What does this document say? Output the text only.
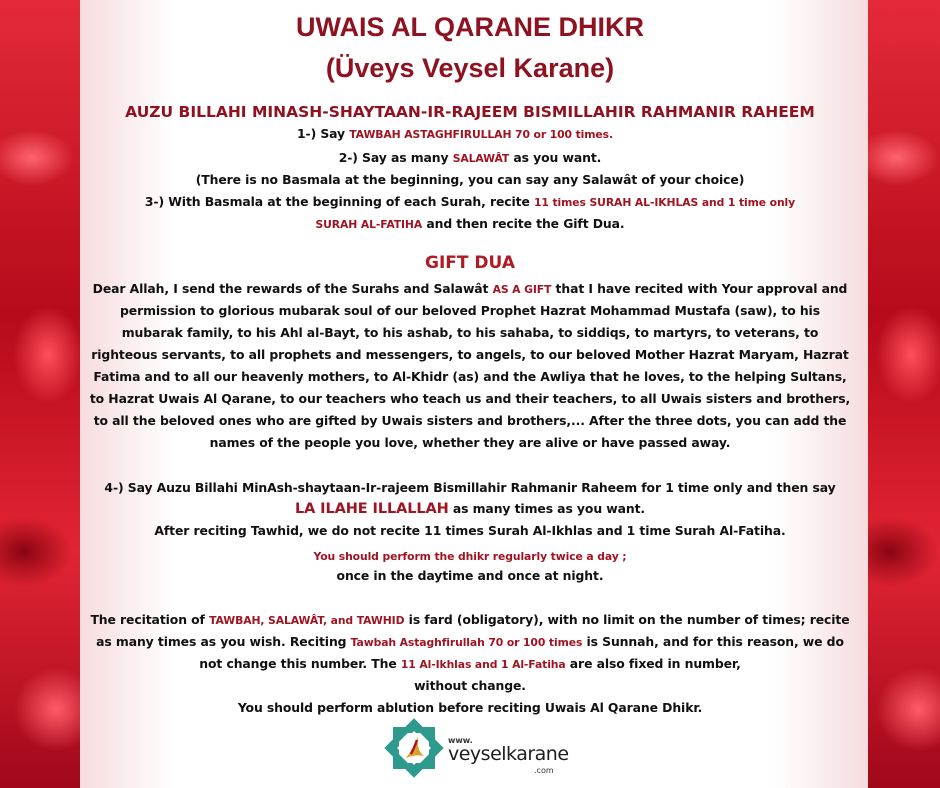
UWAIS AL QARANE DHIKR
(Üveys Veysel Karane)
AUZU BILLAHI MINASH-SHAYTAAN-IR-RAJEEM BISMILLAHIR RAHMANIR RAHEEM
1-) Say TAWBAH ASTAGHFIRULLAH 70 or 100 times.
2-) Say as many SALAWÂT as you want.
(There is no Basmala at the beginning, you can say any Salawât of your choice)
3-) With Basmala at the beginning of each Surah, recite 11 times SURAH AL-IKHLAS and 1 time only
SURAH AL-FATIHA and then recite the Gift Dua.
GIFT DUA
Dear Allah, I send the rewards of the Surahs and Salawât AS A GIFT that I have recited with Your approval and
permission to glorious mubarak soul of our beloved Prophet Hazrat Mohammad Mustafa (saw), to his
mubarak family, to his Ahl al-Bayt, to his ashab, to his sahaba, to siddiqs, to martyrs, to veterans, to
righteous servants, to all prophets and messengers, to angels, to our beloved Mother Hazrat Maryam, Hazrat
Fatima and to all our heavenly mothers, to Al-Khidr (as) and the Awliya that he loves, to the helping Sultans,
to Hazrat Uwais Al Qarane, to our teachers who teach us and their teachers, to all Uwais sisters and brothers,
to all the beloved ones who are gifted by Uwais sisters and brothers,... After the three dots, you can add the
names of the people you love, whether they are alive or have passed away.
4-) Say Auzu Billahi MinAsh-shaytaan-Ir-rajeem Bismillahir Rahmanir Raheem for 1 time only and then say
LA ILAHE ILLALLAH as many times as you want.
After reciting Tawhid, we do not recite 11 times Surah Al-Ikhlas and 1 time Surah Al-Fatiha.
You should perform the dhikr regularly twice a day ;
once in the daytime and once at night.
The recitation of TAWBAH, SALAWÂT, and TAWHID is fard (obligatory), with no limit on the number of times; recite
as many times as you wish. Reciting Tawbah Astaghfirullah 70 or 100 times is Sunnah, and for this reason, we do
not change this number. The 11 Al-Ikhlas and 1 Al-Fatiha are also fixed in number,
without change.
You should perform ablution before reciting Uwais Al Qarane Dhikr.
www.
veyselkarane
.com
